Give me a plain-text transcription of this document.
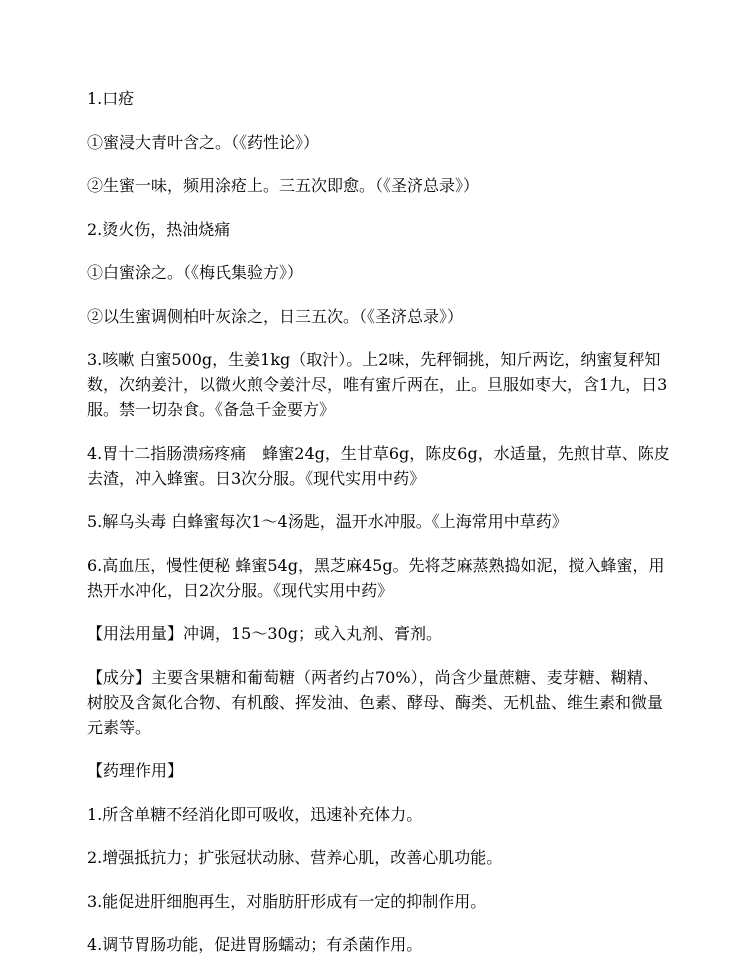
1.口疮

①蜜浸大青叶含之。（《药性论》）

②生蜜一味，频用涂疮上。三五次即愈。（《圣济总录》）

2.烫火伤，热油烧痛

①白蜜涂之。（《梅氏集验方》）

②以生蜜调侧柏叶灰涂之，日三五次。（《圣济总录》）

3.咳嗽 白蜜500g，生姜1kg（取汁）。上2味，先秤铜挑，知斤两讫，纳蜜复秤知数，次纳姜汁，以微火煎令姜汁尽，唯有蜜斤两在，止。旦服如枣大，含1九，日3服。禁一切杂食。《备急千金要方》

4.胃十二指肠溃疡疼痛　蜂蜜24g，生甘草6g，陈皮6g，水适量，先煎甘草、陈皮去渣，冲入蜂蜜。日3次分服。《现代实用中药》

5.解乌头毒 白蜂蜜每次1～4汤匙，温开水冲服。《上海常用中草药》

6.高血压，慢性便秘 蜂蜜54g，黑芝麻45g。先将芝麻蒸熟捣如泥，搅入蜂蜜，用热开水冲化，日2次分服。《现代实用中药》

【用法用量】冲调，15～30g；或入丸剂、膏剂。

【成分】主要含果糖和葡萄糖（两者约占70%），尚含少量蔗糖、麦芽糖、糊精、树胶及含氮化合物、有机酸、挥发油、色素、酵母、酶类、无机盐、维生素和微量元素等。

【药理作用】

1.所含单糖不经消化即可吸收，迅速补充体力。

2.增强抵抗力；扩张冠状动脉、营养心肌，改善心肌功能。

3.能促进肝细胞再生，对脂肪肝形成有一定的抑制作用。

4.调节胃肠功能，促进胃肠蠕动；有杀菌作用。
